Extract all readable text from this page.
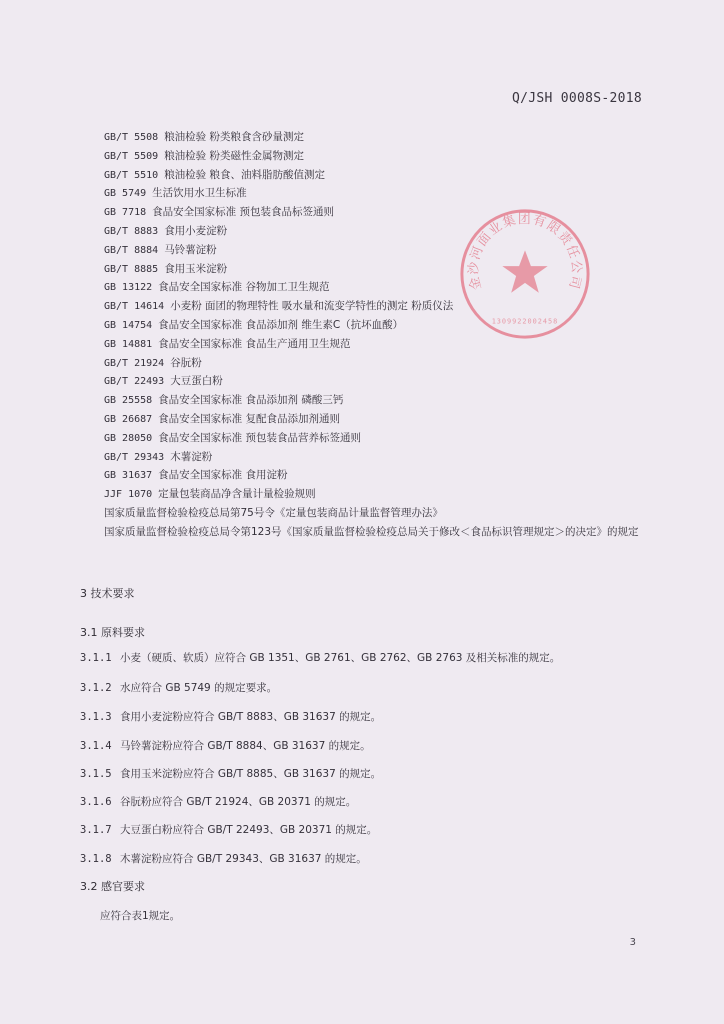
Q/JSH 0008S-2018
GB/T 5508 粮油检验 粉类粮食含砂量测定
GB/T 5509 粮油检验 粉类磁性金属物测定
GB/T 5510 粮油检验 粮食、油料脂肪酸值测定
GB 5749 生活饮用水卫生标准
GB 7718 食品安全国家标准 预包装食品标签通则
GB/T 8883 食用小麦淀粉
GB/T 8884 马铃薯淀粉
GB/T 8885 食用玉米淀粉
GB 13122 食品安全国家标准 谷物加工卫生规范
GB/T 14614 小麦粉 面团的物理特性 吸水量和流变学特性的测定 粉质仪法
GB 14754 食品安全国家标准 食品添加剂 维生素C（抗坏血酸）
GB 14881 食品安全国家标准 食品生产通用卫生规范
GB/T 21924 谷朊粉
GB/T 22493 大豆蛋白粉
GB 25558 食品安全国家标准 食品添加剂 磷酸三钙
GB 26687 食品安全国家标准 复配食品添加剂通则
GB 28050 食品安全国家标准 预包装食品营养标签通则
GB/T 29343 木薯淀粉
GB 31637 食品安全国家标准 食用淀粉
JJF 1070 定量包装商品净含量计量检验规则
国家质量监督检验检疫总局第75号令《定量包装商品计量监督管理办法》
国家质量监督检验检疫总局令第123号《国家质量监督检验检疫总局关于修改＜食品标识管理规定＞的决定》的规定
3 技术要求
3.1 原料要求
3.1.1 小麦（硬质、软质）应符合 GB 1351、GB 2761、GB 2762、GB 2763 及相关标准的规定。
3.1.2 水应符合 GB 5749 的规定要求。
3.1.3 食用小麦淀粉应符合 GB/T 8883、GB 31637 的规定。
3.1.4 马铃薯淀粉应符合 GB/T 8884、GB 31637 的规定。
3.1.5 食用玉米淀粉应符合 GB/T 8885、GB 31637 的规定。
3.1.6 谷朊粉应符合 GB/T 21924、GB 20371 的规定。
3.1.7 大豆蛋白粉应符合 GB/T 22493、GB 20371 的规定。
3.1.8 木薯淀粉应符合 GB/T 29343、GB 31637 的规定。
3.2 感官要求
应符合表1规定。
3
金沙河面业集团有限责任公司
1309922002458
